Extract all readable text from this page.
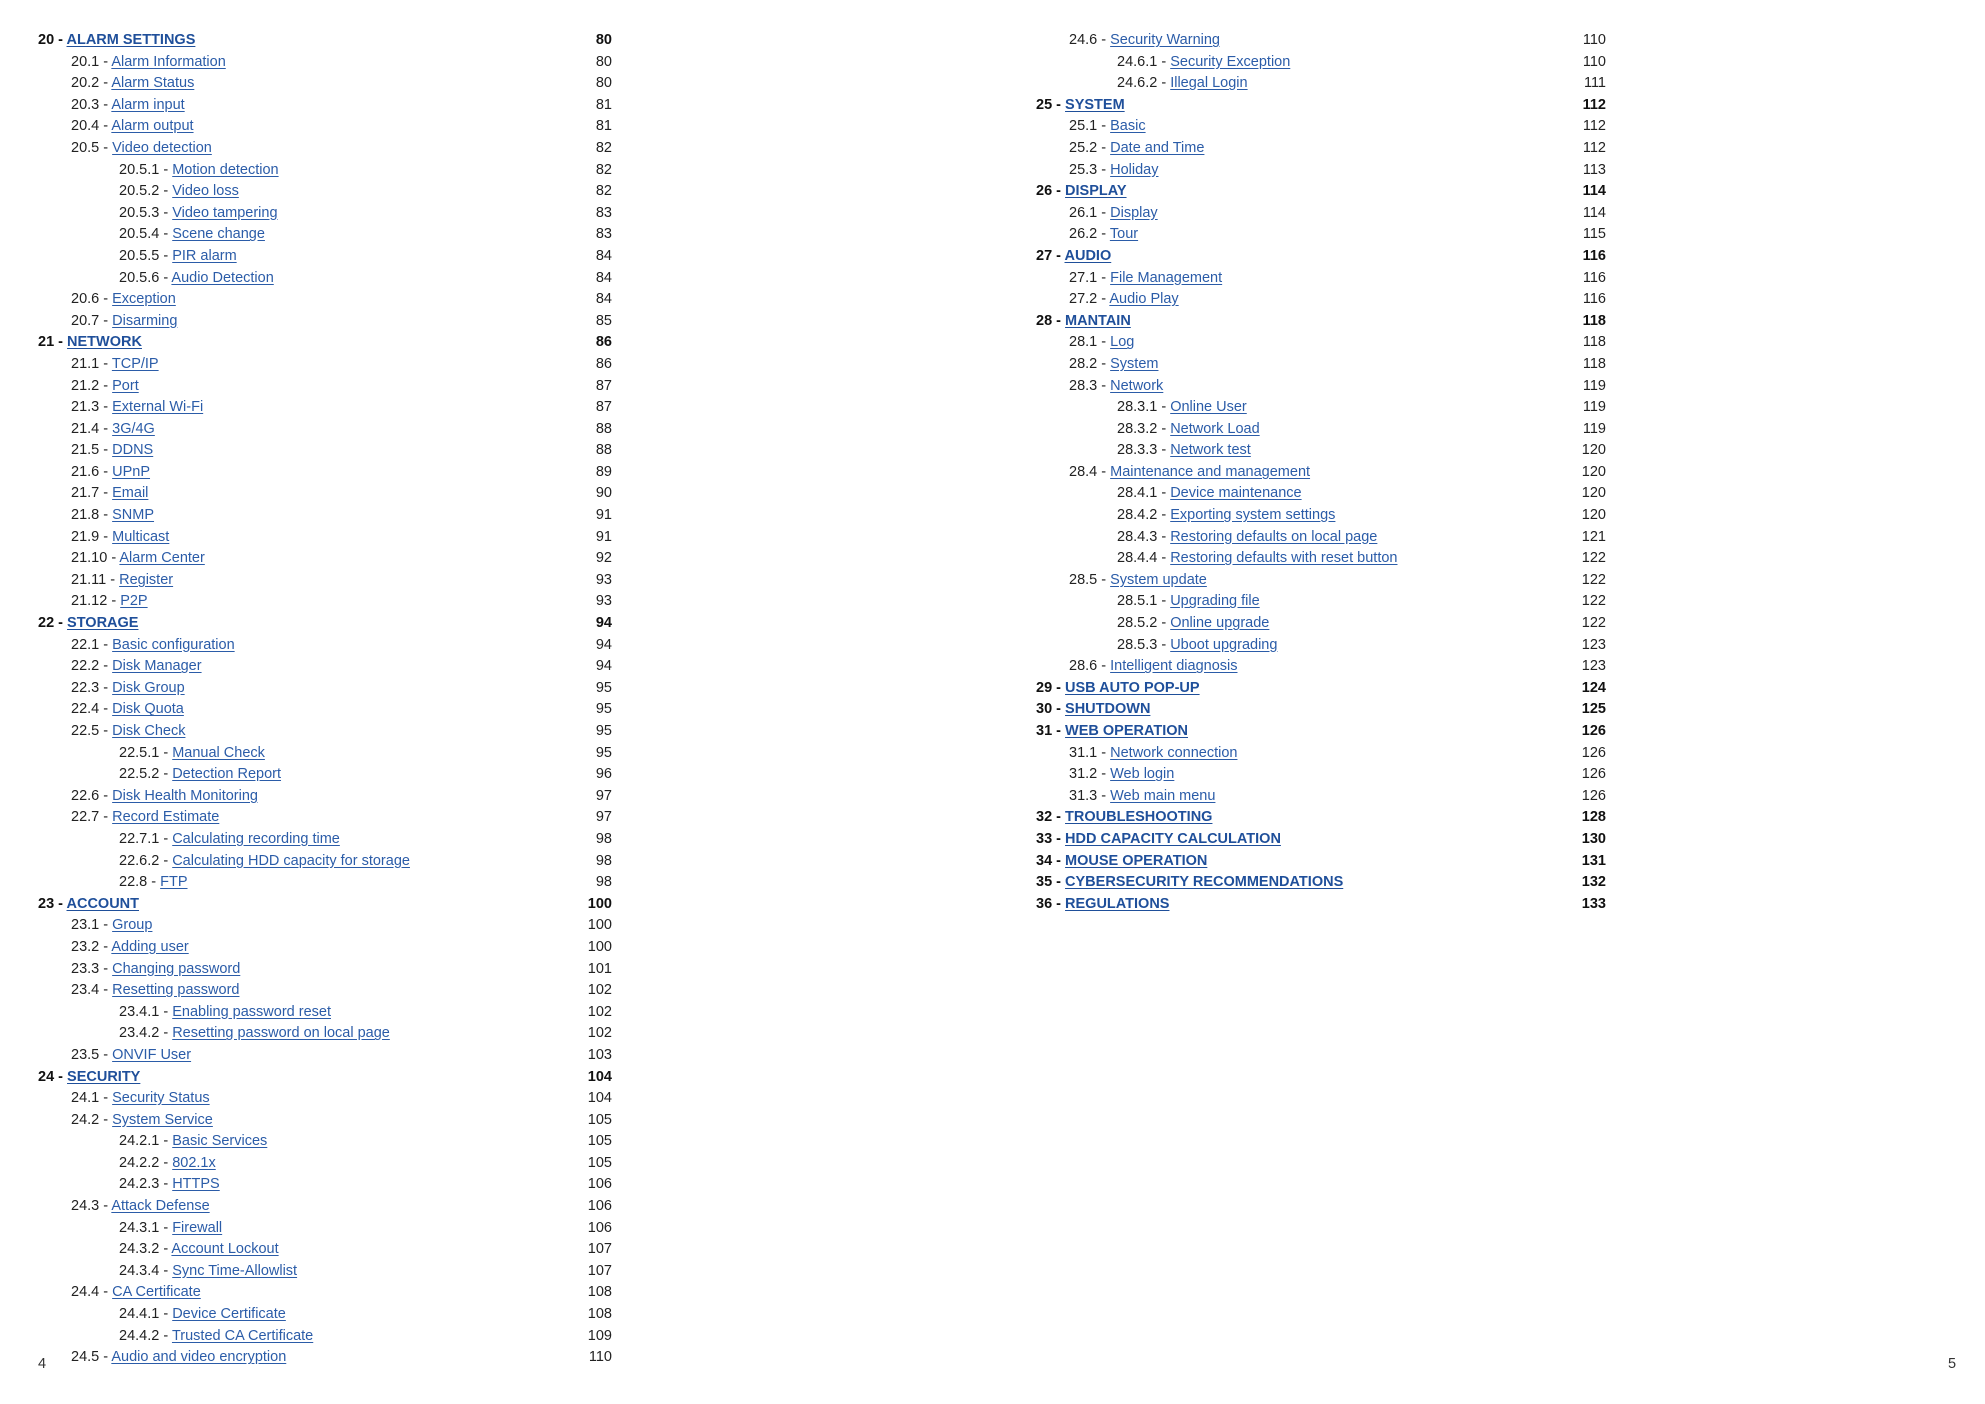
20 - ALARM SETTINGS	80
20.1 - Alarm Information	80
20.2 - Alarm Status	80
20.3 - Alarm input	81
20.4 - Alarm output	81
20.5 - Video detection	82
20.5.1 - Motion detection	82
20.5.2 - Video loss	82
20.5.3 - Video tampering	83
20.5.4 - Scene change	83
20.5.5 - PIR alarm	84
20.5.6 - Audio Detection	84
20.6 - Exception	84
20.7 - Disarming	85
21 - NETWORK	86
21.1 - TCP/IP	86
21.2 - Port	87
21.3 - External Wi-Fi	87
21.4 - 3G/4G	88
21.5 - DDNS	88
21.6 - UPnP	89
21.7 - Email	90
21.8 - SNMP	91
21.9 - Multicast	91
21.10 - Alarm Center	92
21.11 - Register	93
21.12 - P2P	93
22 - STORAGE	94
22.1 - Basic configuration	94
22.2 - Disk Manager	94
22.3 - Disk Group	95
22.4 - Disk Quota	95
22.5 - Disk Check	95
22.5.1 - Manual Check	95
22.5.2 - Detection Report	96
22.6 - Disk Health Monitoring	97
22.7 - Record Estimate	97
22.7.1 - Calculating recording time	98
22.6.2 - Calculating HDD capacity for storage	98
22.8 - FTP	98
23 - ACCOUNT	100
23.1 - Group	100
23.2 - Adding user	100
23.3 - Changing password	101
23.4 - Resetting password	102
23.4.1 - Enabling password reset	102
23.4.2 - Resetting password on local page	102
23.5 - ONVIF User	103
24 - SECURITY	104
24.1 - Security Status	104
24.2 - System Service	105
24.2.1 - Basic Services	105
24.2.2 - 802.1x	105
24.2.3 - HTTPS	106
24.3 - Attack Defense	106
24.3.1 - Firewall	106
24.3.2 - Account Lockout	107
24.3.4 - Sync Time-Allowlist	107
24.4 - CA Certificate	108
24.4.1 - Device Certificate	108
24.4.2 - Trusted CA Certificate	109
24.5 - Audio and video encryption	110
24.6 - Security Warning	110
24.6.1 - Security Exception	110
24.6.2 - Illegal Login	111
25 - SYSTEM	112
25.1 - Basic	112
25.2 - Date and Time	112
25.3 - Holiday	113
26 - DISPLAY	114
26.1 - Display	114
26.2 - Tour	115
27 - AUDIO	116
27.1 - File Management	116
27.2 - Audio Play	116
28 - MANTAIN	118
28.1 - Log	118
28.2 - System	118
28.3 - Network	119
28.3.1 - Online User	119
28.3.2 - Network Load	119
28.3.3 - Network test	120
28.4 - Maintenance and management	120
28.4.1 - Device maintenance	120
28.4.2 - Exporting system settings	120
28.4.3 - Restoring defaults on local page	121
28.4.4 - Restoring defaults with reset button	122
28.5 - System update	122
28.5.1 - Upgrading file	122
28.5.2 - Online upgrade	122
28.5.3 - Uboot upgrading	123
28.6 - Intelligent diagnosis	123
29 - USB AUTO POP-UP	124
30 - SHUTDOWN	125
31 - WEB OPERATION	126
31.1 - Network connection	126
31.2 - Web login	126
31.3 - Web main menu	126
32 - TROUBLESHOOTING	128
33 - HDD CAPACITY CALCULATION	130
34 - MOUSE OPERATION	131
35 - CYBERSECURITY RECOMMENDATIONS	132
36 - REGULATIONS	133
4	5
